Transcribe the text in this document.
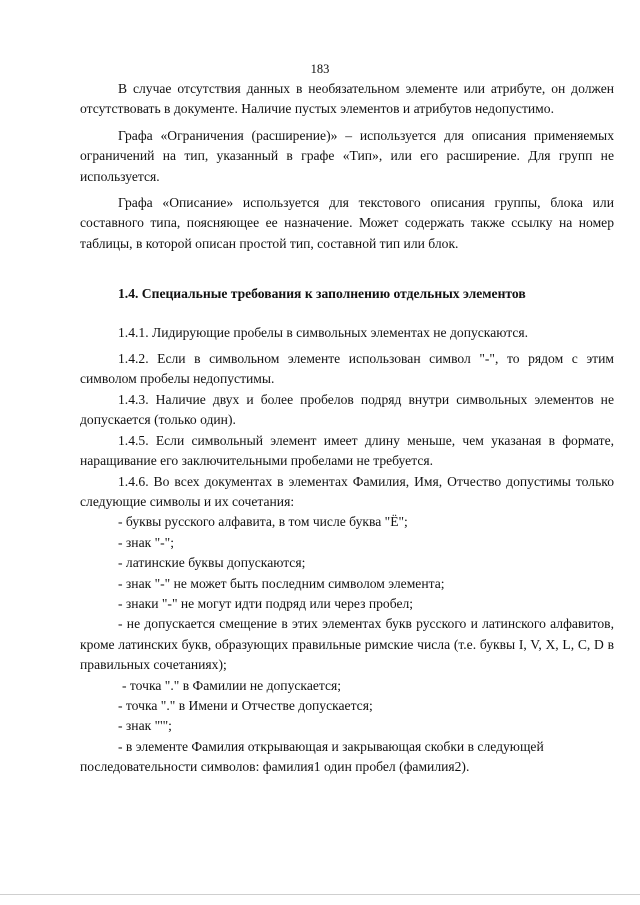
183

В случае отсутствия данных в необязательном элементе или атрибуте, он должен отсутствовать в документе. Наличие пустых элементов и атрибутов недопустимо.

Графа «Ограничения (расширение)» – используется для описания применяемых ограничений на тип, указанный в графе «Тип», или его расширение. Для групп не используется.

Графа «Описание» используется для текстового описания группы, блока или составного типа, поясняющее ее назначение. Может содержать также ссылку на номер таблицы, в которой описан простой тип, составной тип или блок.

1.4. Специальные требования к заполнению отдельных элементов

1.4.1. Лидирующие пробелы в символьных элементах не допускаются.

1.4.2. Если в символьном элементе использован символ "-", то рядом с этим символом пробелы недопустимы.

1.4.3. Наличие двух и более пробелов подряд внутри символьных элементов не допускается (только один).

1.4.5. Если символьный элемент имеет длину меньше, чем указаная в формате, наращивание его заключительными пробелами не требуется.

1.4.6. Во всех документах в элементах Фамилия, Имя, Отчество допустимы только следующие символы и их сочетания:

- буквы русского алфавита, в том числе буква "Ё";

- знак "-";

- латинские буквы допускаются;

- знак "-" не может быть последним символом элемента;

- знаки "-" не могут идти подряд или через пробел;

- не допускается смещение в этих элементах букв русского и латинского алфавитов, кроме латинских букв, образующих правильные римские числа (т.е. буквы I, V, X, L, C, D в правильных сочетаниях);

- точка "." в Фамилии не допускается;

- точка "." в Имени и Отчестве допускается;

- знак "'";

- в элементе Фамилия открывающая и закрывающая скобки в следующей последовательности символов: фамилия1 один пробел (фамилия2).
